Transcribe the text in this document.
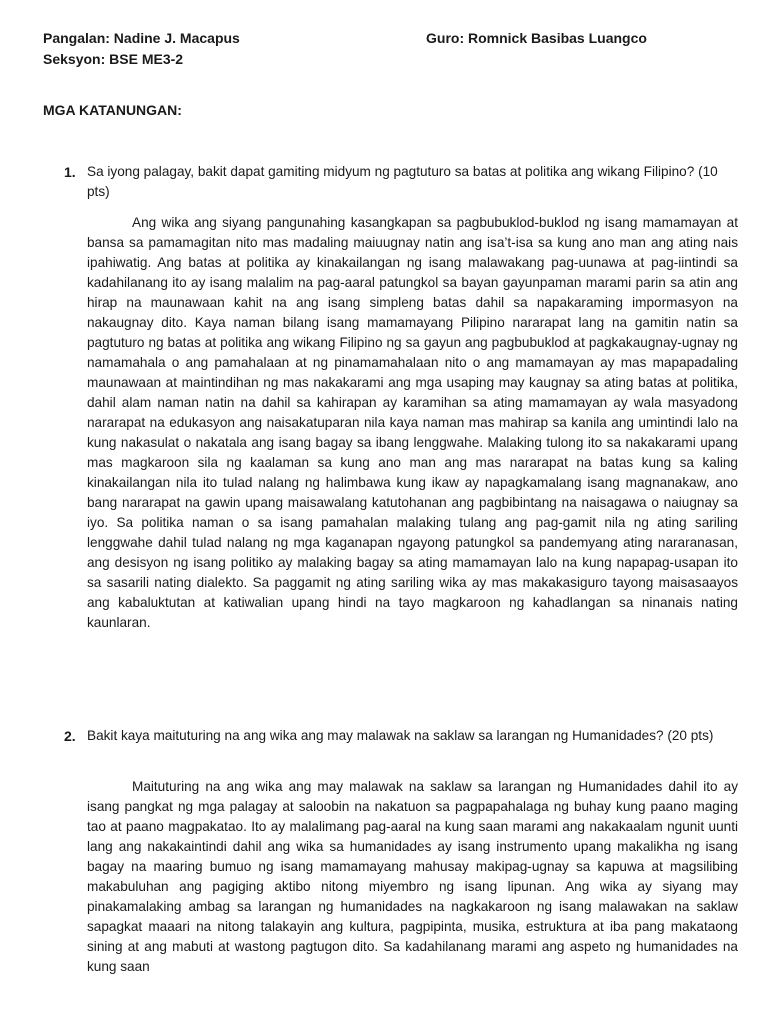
Pangalan: Nadine J. Macapus
Seksyon: BSE ME3-2
Guro: Romnick Basibas Luangco
MGA KATANUNGAN:
1. Sa iyong palagay, bakit dapat gamiting midyum ng pagtuturo sa batas at politika ang wikang Filipino? (10 pts)
Ang wika ang siyang pangunahing kasangkapan sa pagbubuklod-buklod ng isang mamamayan at bansa sa pamamagitan nito mas madaling maiuugnay natin ang isa’t-isa sa kung ano man ang ating nais ipahiwatig. Ang batas at politika ay kinakailangan ng isang malawakang pag-uunawa at pag-iintindi sa kadahilanang ito ay isang malalim na pag-aaral patungkol sa bayan gayunpaman marami parin sa atin ang hirap na maunawaan kahit na ang isang simpleng batas dahil sa napakaraming impormasyon na nakaugnay dito. Kaya naman bilang isang mamamayang Pilipino nararapat lang na gamitin natin sa pagtuturo ng batas at politika ang wikang Filipino ng sa gayun ang pagbubuklod at pagkakaugnay-ugnay ng namamahala o ang pamahalaan at ng pinamamahalaan nito o ang mamamayan ay mas mapapadaling maunawaan at maintindihan ng mas nakakarami ang mga usaping may kaugnay sa ating batas at politika, dahil alam naman natin na dahil sa kahirapan ay karamihan sa ating mamamayan ay wala masyadong nararapat na edukasyon ang naisakatuparan nila kaya naman mas mahirap sa kanila ang umintindi lalo na kung nakasulat o nakatala ang isang bagay sa ibang lenggwahe. Malaking tulong ito sa nakakarami upang mas magkaroon sila ng kaalaman sa kung ano man ang mas nararapat na batas kung sa kaling kinakailangan nila ito tulad nalang ng halimbawa kung ikaw ay napagkamalang isang magnanakaw, ano bang nararapat na gawin upang maisawalang katutohanan ang pagbibintang na naisagawa o naiugnay sa iyo. Sa politika naman o sa isang pamahalan malaking tulang ang pag-gamit nila ng ating sariling lenggwahe dahil tulad nalang ng mga kaganapan ngayong patungkol sa pandemyang ating nararanasan, ang desisyon ng isang politiko ay malaking bagay sa ating mamamayan lalo na kung napapag-usapan ito sa sasarili nating dialekto. Sa paggamit ng ating sariling wika ay mas makakasiguro tayong maisasaayos ang kabaluktutan at katiwalian upang hindi na tayo magkaroon ng kahadlangan sa ninanais nating kaunlaran.
2. Bakit kaya maituturing na ang wika ang may malawak na saklaw sa larangan ng Humanidades? (20 pts)
Maituturing na ang wika ang may malawak na saklaw sa larangan ng Humanidades dahil ito ay isang pangkat ng mga palagay at saloobin na nakatuon sa pagpapahalaga ng buhay kung paano maging tao at paano magpakatao. Ito ay malalimang pag-aaral na kung saan marami ang nakakaalam ngunit uunti lang ang nakakaintindi dahil ang wika sa humanidades ay isang instrumento upang makalikha ng isang bagay na maaring bumuo ng isang mamamayang mahusay makipag-ugnay sa kapuwa at magsilibing makabuluhan ang pagiging aktibo nitong miyembro ng isang lipunan. Ang wika ay siyang may pinakamalaking ambag sa larangan ng humanidades na nagkakaroon ng isang malawakan na saklaw sapagkat maaari na nitong talakayin ang kultura, pagpipinta, musika, estruktura at iba pang makataong sining at ang mabuti at wastong pagtugon dito. Sa kadahilanang marami ang aspeto ng humanidades na kung saan
